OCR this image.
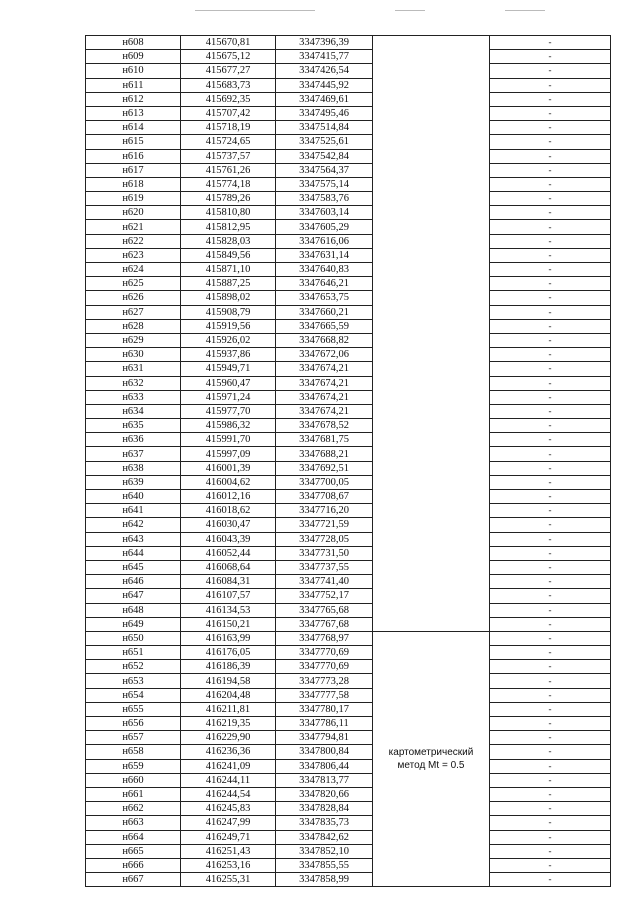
н608	415670,81	3347396,39		-
н609	415675,12	3347415,77		-
н610	415677,27	3347426,54		-
н611	415683,73	3347445,92		-
н612	415692,35	3347469,61		-
н613	415707,42	3347495,46		-
н614	415718,19	3347514,84		-
н615	415724,65	3347525,61		-
н616	415737,57	3347542,84		-
н617	415761,26	3347564,37		-
н618	415774,18	3347575,14		-
н619	415789,26	3347583,76		-
н620	415810,80	3347603,14		-
н621	415812,95	3347605,29		-
н622	415828,03	3347616,06		-
н623	415849,56	3347631,14		-
н624	415871,10	3347640,83		-
н625	415887,25	3347646,21		-
н626	415898,02	3347653,75		-
н627	415908,79	3347660,21		-
н628	415919,56	3347665,59		-
н629	415926,02	3347668,82		-
н630	415937,86	3347672,06		-
н631	415949,71	3347674,21		-
н632	415960,47	3347674,21		-
н633	415971,24	3347674,21		-
н634	415977,70	3347674,21		-
н635	415986,32	3347678,52		-
н636	415991,70	3347681,75		-
н637	415997,09	3347688,21		-
н638	416001,39	3347692,51		-
н639	416004,62	3347700,05		-
н640	416012,16	3347708,67		-
н641	416018,62	3347716,20		-
н642	416030,47	3347721,59		-
н643	416043,39	3347728,05		-
н644	416052,44	3347731,50		-
н645	416068,64	3347737,55		-
н646	416084,31	3347741,40		-
н647	416107,57	3347752,17		-
н648	416134,53	3347765,68		-
н649	416150,21	3347767,68		-
н650	416163,99	3347768,97	картометрический
метод Mt = 0.5	-
н651	416176,05	3347770,69		-
н652	416186,39	3347770,69		-
н653	416194,58	3347773,28		-
н654	416204,48	3347777,58		-
н655	416211,81	3347780,17		-
н656	416219,35	3347786,11		-
н657	416229,90	3347794,81		-
н658	416236,36	3347800,84		-
н659	416241,09	3347806,44		-
н660	416244,11	3347813,77		-
н661	416244,54	3347820,66		-
н662	416245,83	3347828,84		-
н663	416247,99	3347835,73		-
н664	416249,71	3347842,62		-
н665	416251,43	3347852,10		-
н666	416253,16	3347855,55		-
н667	416255,31	3347858,99		-
